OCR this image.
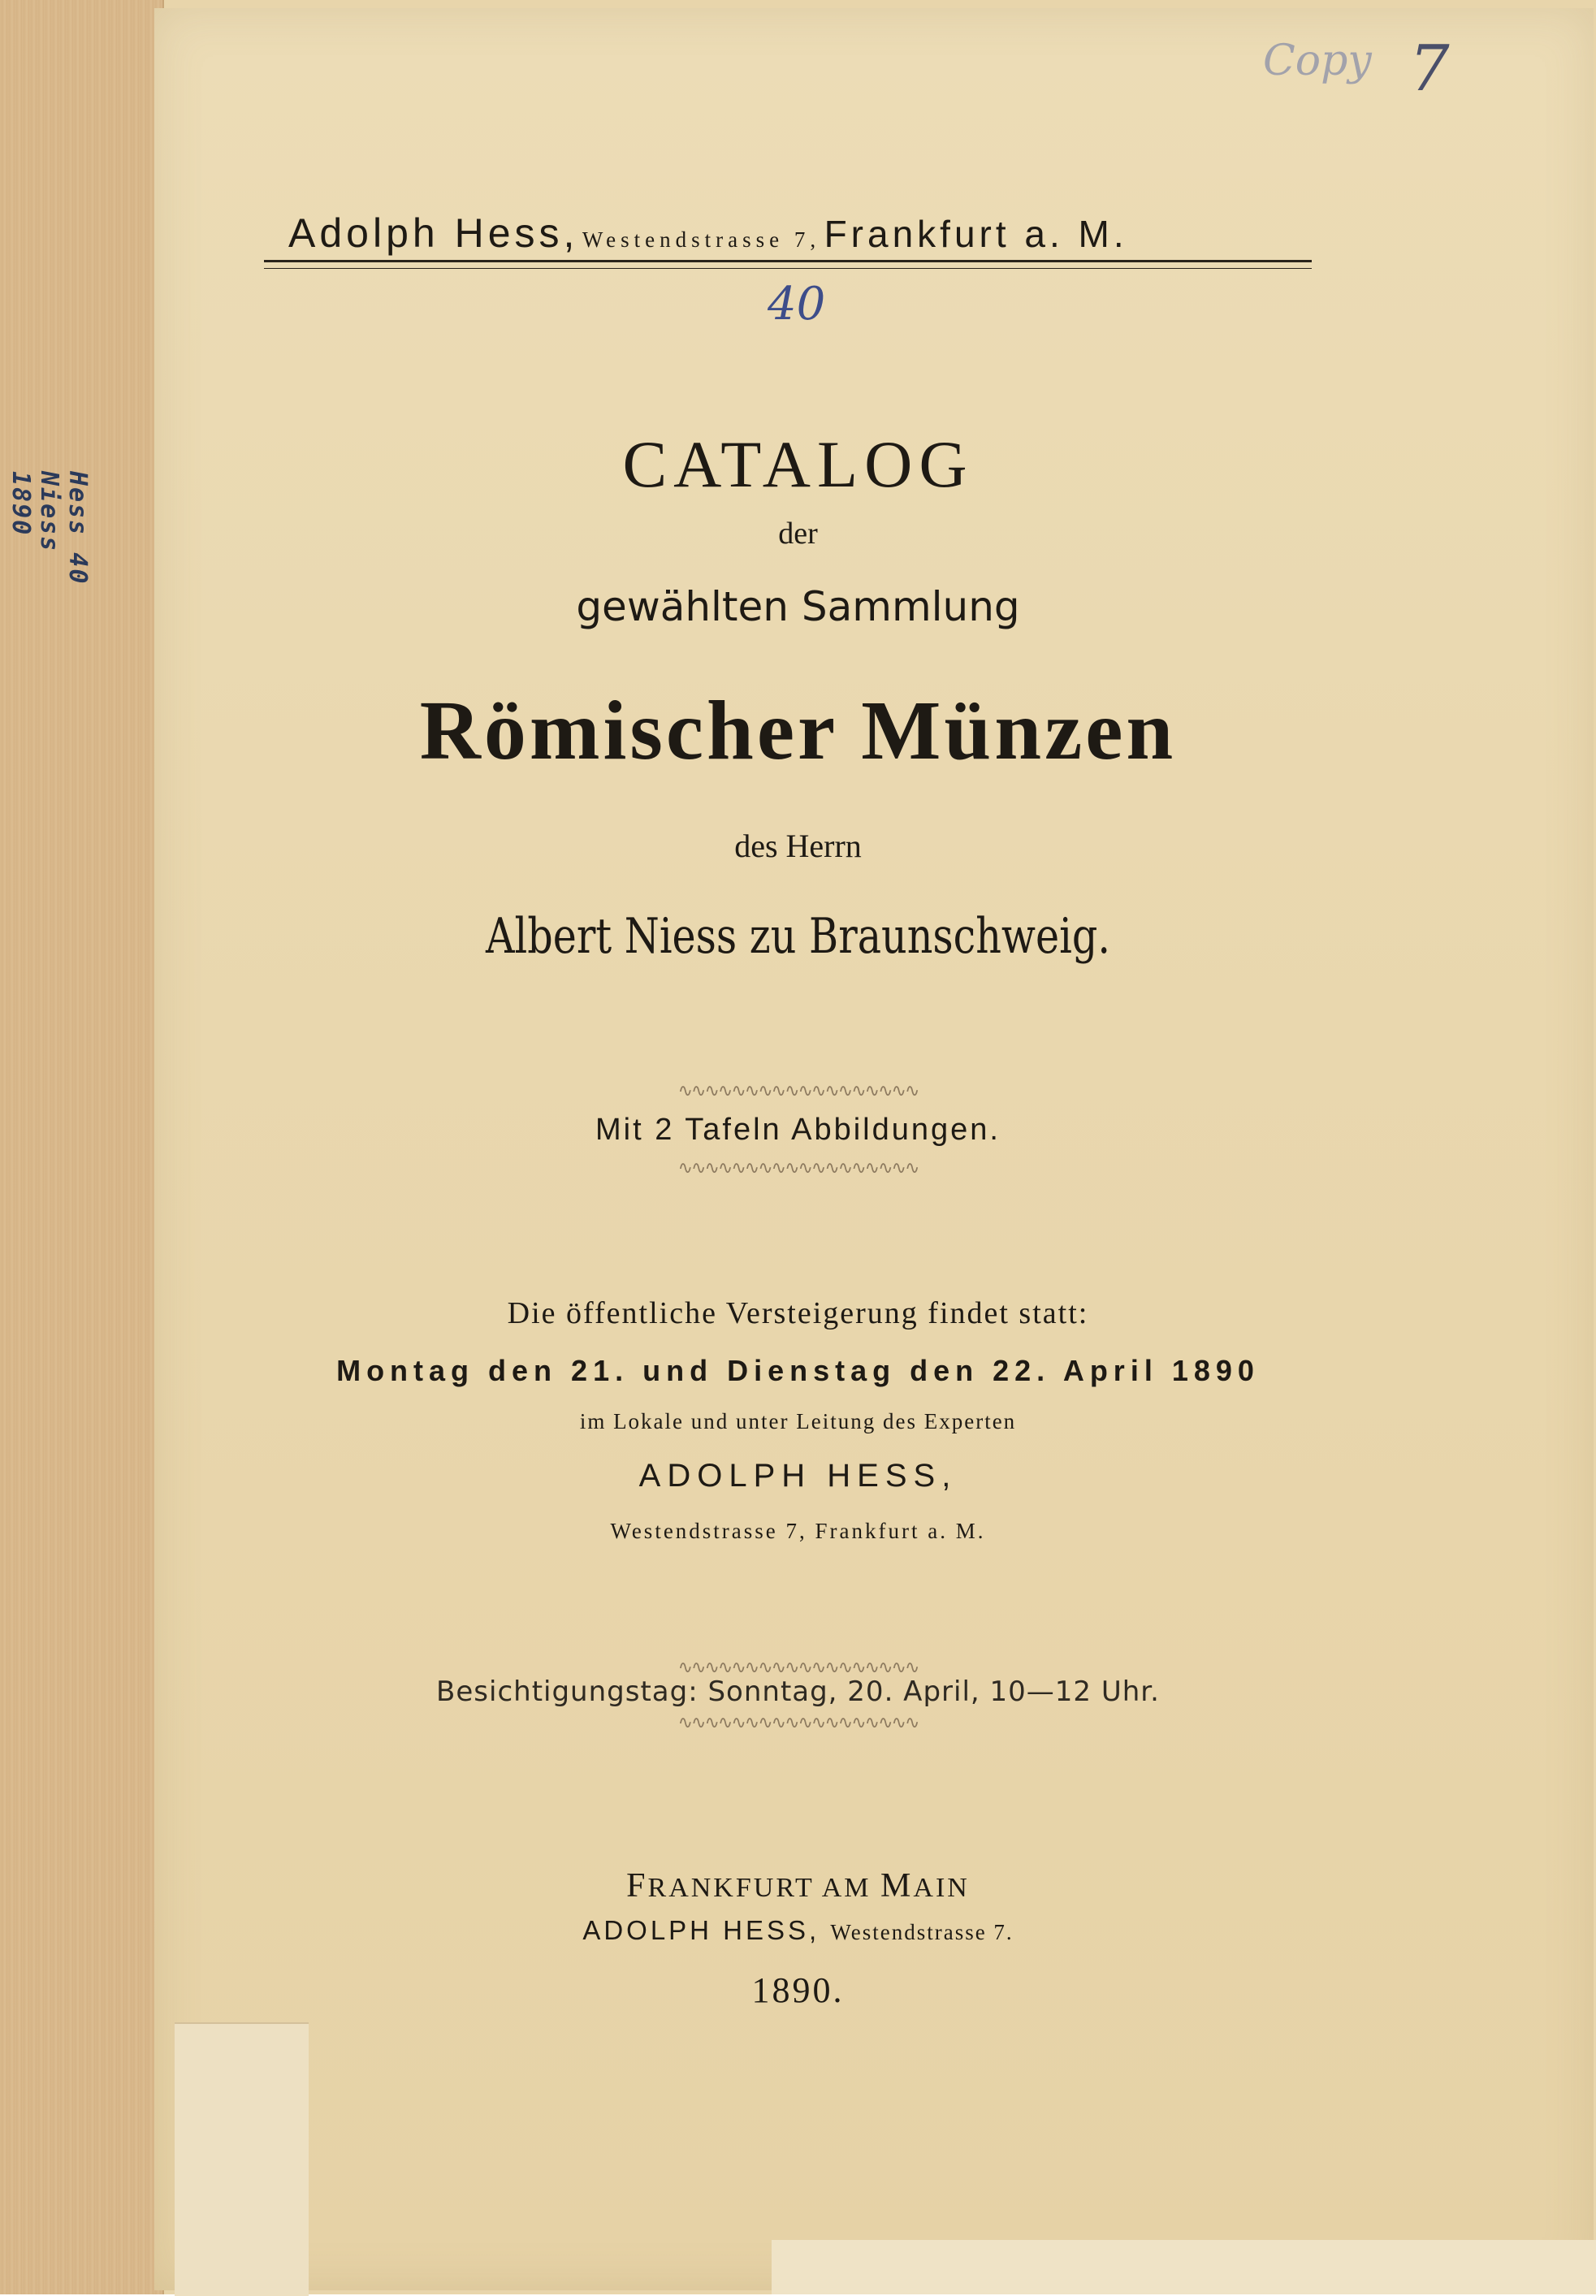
Hess 40
Niess
1890
Copy 7
Adolph Hess, Westendstrasse 7, Frankfurt a. M.
40
CATALOG
der
gewählten Sammlung
Römischer Münzen
des Herrn
Albert Niess zu Braunschweig.
∿∿∿∿∿∿∿∿∿∿∿∿∿∿∿∿∿∿
Mit 2 Tafeln Abbildungen.
∿∿∿∿∿∿∿∿∿∿∿∿∿∿∿∿∿∿
Die öffentliche Versteigerung findet statt:
Montag den 21. und Dienstag den 22. April 1890
im Lokale und unter Leitung des Experten
ADOLPH HESS,
Westendstrasse 7, Frankfurt a. M.
∿∿∿∿∿∿∿∿∿∿∿∿∿∿∿∿∿∿
Besichtigungstag: Sonntag, 20. April, 10—12 Uhr.
∿∿∿∿∿∿∿∿∿∿∿∿∿∿∿∿∿∿
FRANKFURT AM MAIN
ADOLPH HESS, Westendstrasse 7.
1890.
